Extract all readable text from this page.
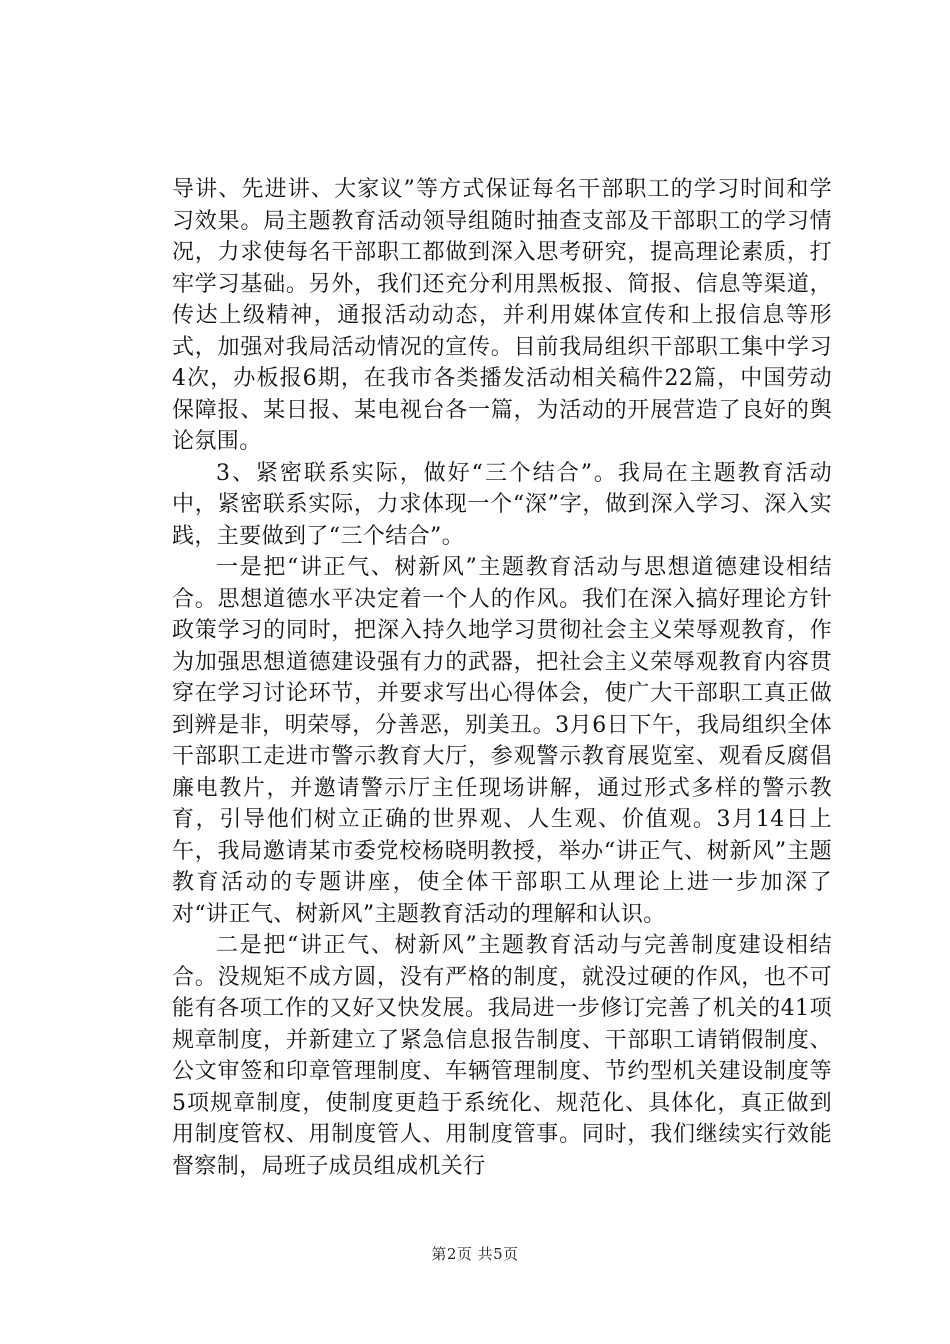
导讲、先进讲、大家议”等方式保证每名干部职工的学习时间和学习效果。局主题教育活动领导组随时抽查支部及干部职工的学习情况，力求使每名干部职工都做到深入思考研究，提高理论素质，打牢学习基础。另外，我们还充分利用黑板报、简报、信息等渠道，传达上级精神，通报活动动态，并利用媒体宣传和上报信息等形式，加强对我局活动情况的宣传。目前我局组织干部职工集中学习4次，办板报6期，在我市各类播发活动相关稿件22篇，中国劳动保障报、某日报、某电视台各一篇，为活动的开展营造了良好的舆论氛围。

3、紧密联系实际，做好“三个结合”。我局在主题教育活动中，紧密联系实际，力求体现一个“深”字，做到深入学习、深入实践，主要做到了“三个结合”。

一是把“讲正气、树新风”主题教育活动与思想道德建设相结合。思想道德水平决定着一个人的作风。我们在深入搞好理论方针政策学习的同时，把深入持久地学习贯彻社会主义荣辱观教育，作为加强思想道德建设强有力的武器，把社会主义荣辱观教育内容贯穿在学习讨论环节，并要求写出心得体会，使广大干部职工真正做到辨是非，明荣辱，分善恶，别美丑。3月6日下午，我局组织全体干部职工走进市警示教育大厅，参观警示教育展览室、观看反腐倡廉电教片，并邀请警示厅主任现场讲解，通过形式多样的警示教育，引导他们树立正确的世界观、人生观、价值观。3月14日上午，我局邀请某市委党校杨晓明教授，举办“讲正气、树新风”主题教育活动的专题讲座，使全体干部职工从理论上进一步加深了对“讲正气、树新风”主题教育活动的理解和认识。

二是把“讲正气、树新风”主题教育活动与完善制度建设相结合。没规矩不成方圆，没有严格的制度，就没过硬的作风，也不可能有各项工作的又好又快发展。我局进一步修订完善了机关的41项规章制度，并新建立了紧急信息报告制度、干部职工请销假制度、公文审签和印章管理制度、车辆管理制度、节约型机关建设制度等5项规章制度，使制度更趋于系统化、规范化、具体化，真正做到用制度管权、用制度管人、用制度管事。同时，我们继续实行效能督察制，局班子成员组成机关行

第2页 共5页
